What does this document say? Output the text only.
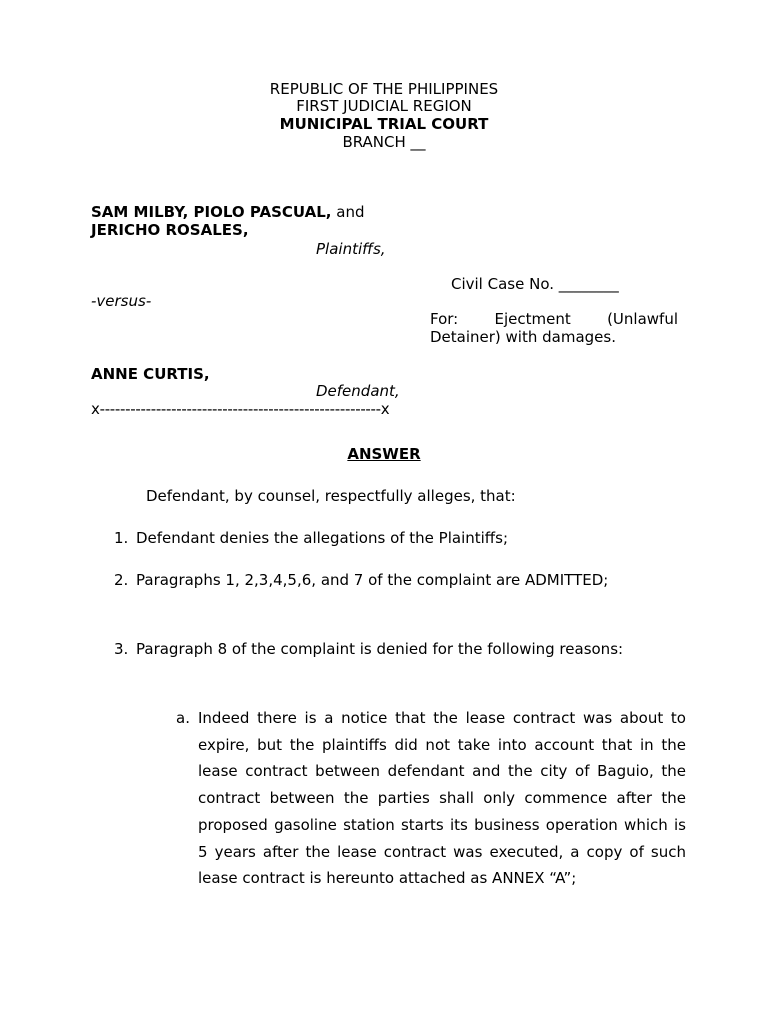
REPUBLIC OF THE PHILIPPINES
FIRST JUDICIAL REGION
MUNICIPAL TRIAL COURT
BRANCH __
SAM MILBY, PIOLO PASCUAL, and
JERICHO ROSALES,
Plaintiffs,
Civil Case No. ________
-versus-
For: Ejectment (Unlawful Detainer) with damages.
ANNE CURTIS,
Defendant,
x-------------------------------------------------------x
ANSWER
Defendant, by counsel, respectfully alleges, that:
1. Defendant denies the allegations of the Plaintiffs;
2. Paragraphs 1, 2,3,4,5,6, and 7 of the complaint are ADMITTED;
3. Paragraph 8 of the complaint is denied for the following reasons:
a. Indeed there is a notice that the lease contract was about to expire, but the plaintiffs did not take into account that in the lease contract between defendant and the city of Baguio, the contract between the parties shall only commence after the proposed gasoline station starts its business operation which is 5 years after the lease contract was executed, a copy of such lease contract is hereunto attached as ANNEX “A”;
